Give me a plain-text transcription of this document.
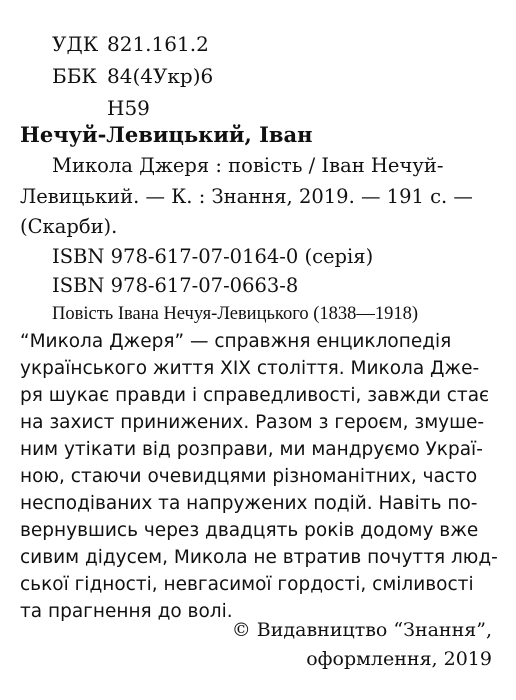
УДК 821.161.2
ББК 84(4Укр)6
Н59
Нечуй-Левицький, Іван
Микола Джеря : повість / Іван Нечуй-
Левицький. — К. : Знання, 2019. — 191 с. —
(Скарби).
ISBN 978-617-07-0164-0 (серія)
ISBN 978-617-07-0663-8
Повість Івана Нечуя-Левицького (1838—1918)
“Микола Джеря” — справжня енциклопедія
українського життя XIX століття. Микола Дже-
ря шукає правди і справедливості, завжди стає
на захист принижених. Разом з героєм, змуше-
ним утікати від розправи, ми мандруємо Украї-
ною, стаючи очевидцями різноманітних, часто
несподіваних та напружених подій. Навіть по-
вернувшись через двадцять років додому вже
сивим дідусем, Микола не втратив почуття люд-
ської гідності, невгасимої гордості, сміливості
та прагнення до волі.
© Видавництво “Знання”,
оформлення, 2019
